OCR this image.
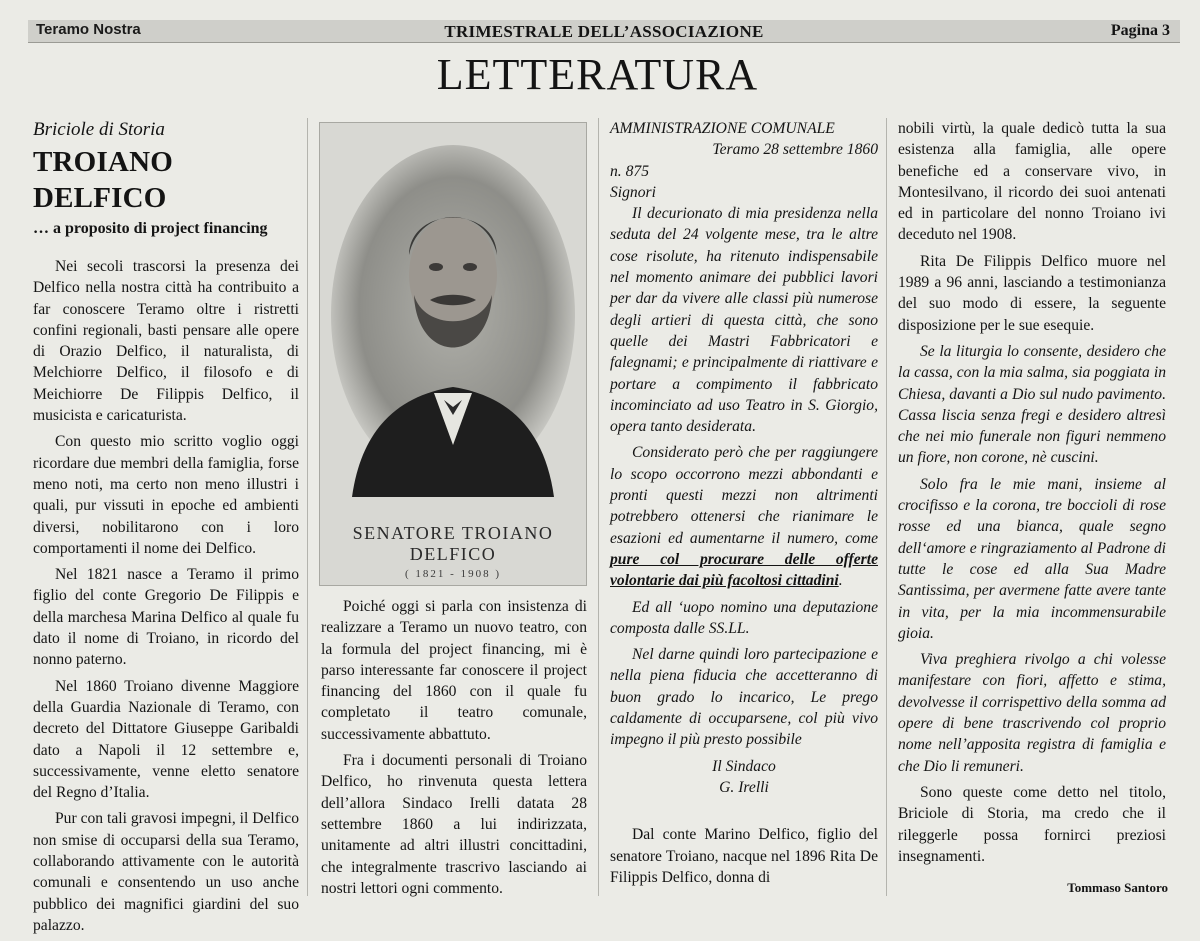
Teramo Nostra	TRIMESTRALE DELL’ASSOCIAZIONE	Pagina 3
LETTERATURA
Briciole di Storia
TROIANO DELFICO
… a proposito di project financing

Nei secoli trascorsi la presenza dei Delfico nella nostra città ha contribuito a far conoscere Teramo oltre i ristretti confini regionali, basti pensare alle opere di Orazio Delfico, il naturalista, di Melchiorre Delfico, il filosofo e di Meichiorre De Filippis Delfico, il musicista e caricaturista.

Con questo mio scritto voglio oggi ricordare due membri della famiglia, forse meno noti, ma certo non meno illustri i quali, pur vissuti in epoche ed ambienti diversi, nobilitarono con i loro comportamenti il nome dei Delfico.

Nel 1821 nasce a Teramo il primo figlio del conte Gregorio De Filippis e della marchesa Marina Delfico al quale fu dato il nome di Troiano, in ricordo del nonno paterno.

Nel 1860 Troiano divenne Maggiore della Guardia Nazionale di Teramo, con decreto del Dittatore Giuseppe Garibaldi dato a Napoli il 12 settembre e, successivamente, venne eletto senatore del Regno d’Italia.

Pur con tali gravosi impegni, il Delfico non smise di occuparsi della sua Teramo, collaborando attivamente con le autorità comunali e consentendo un uso anche pubblico dei magnifici giardini del suo palazzo.

SENATORE TROIANO DELFICO
( 1821 - 1908 )

Poiché oggi si parla con insistenza di realizzare a Teramo un nuovo teatro, con la formula del project financing, mi è parso interessante far conoscere il project financing del 1860 con il quale fu completato il teatro comunale, successivamente abbattuto.

Fra i documenti personali di Troiano Delfico, ho rinvenuta questa lettera dell’allora Sindaco Irelli datata 28 settembre 1860 a lui indirizzata, unitamente ad altri illustri concittadini, che integralmente trascrivo lasciando ai nostri lettori ogni commento.

AMMINISTRAZIONE COMUNALE
Teramo 28 settembre 1860
n. 875
Signori

Il decurionato di mia presidenza nella seduta del 24 volgente mese, tra le altre cose risolute, ha ritenuto indispensabile nel momento animare dei pubblici lavori per dar da vivere alle classi più numerose degli artieri di questa città, che sono quelle dei Mastri Fabbricatori e falegnami; e principalmente di riattivare e portare a compimento il fabbricato incominciato ad uso Teatro in S. Giorgio, opera tanto desiderata.

Considerato però che per raggiungere lo scopo occorrono mezzi abbondanti e pronti questi mezzi non altrimenti potrebbero ottenersi che rianimare le esazioni ed aumentarne il numero, come pure col procurare delle offerte volontarie dai più facoltosi cittadini.

Ed all ‘uopo nomino una deputazione composta dalle SS.LL.

Nel darne quindi loro partecipazione e nella piena fiducia che accetteranno di buon grado lo incarico, Le prego caldamente di occuparsene, col più vivo impegno il più presto possibile

Il Sindaco
G. Irelli

Dal conte Marino Delfico, figlio del senatore Troiano, nacque nel 1896 Rita De Filippis Delfico, donna di

nobili virtù, la quale dedicò tutta la sua esistenza alla famiglia, alle opere benefiche ed a conservare vivo, in Montesilvano, il ricordo dei suoi antenati ed in particolare del nonno Troiano ivi deceduto nel 1908.

Rita De Filippis Delfico muore nel 1989 a 96 anni, lasciando a testimonianza del suo modo di essere, la seguente disposizione per le sue esequie.

Se la liturgia lo consente, desidero che la cassa, con la mia salma, sia poggiata in Chiesa, davanti a Dio sul nudo pavimento. Cassa liscia senza fregi e desidero altresì che nei mio funerale non figuri nemmeno un fiore, non corone, nè cuscini.

Solo fra le mie mani, insieme al crocifisso e la corona, tre boccioli di rose rosse ed una bianca, quale segno dell‘amore e ringraziamento al Padrone di tutte le cose ed alla Sua Madre Santissima, per avermene fatte avere tante in vita, per la mia incommensurabile gioia.

Viva preghiera rivolgo a chi volesse manifestare con fiori, affetto e stima, devolvesse il corrispettivo della somma ad opere di bene trascrivendo col proprio nome nell’apposita registra di famiglia e che Dio li remuneri.

Sono queste come detto nel titolo, Briciole di Storia, ma credo che il rileggerle possa fornirci preziosi insegnamenti.

Tommaso Santoro
